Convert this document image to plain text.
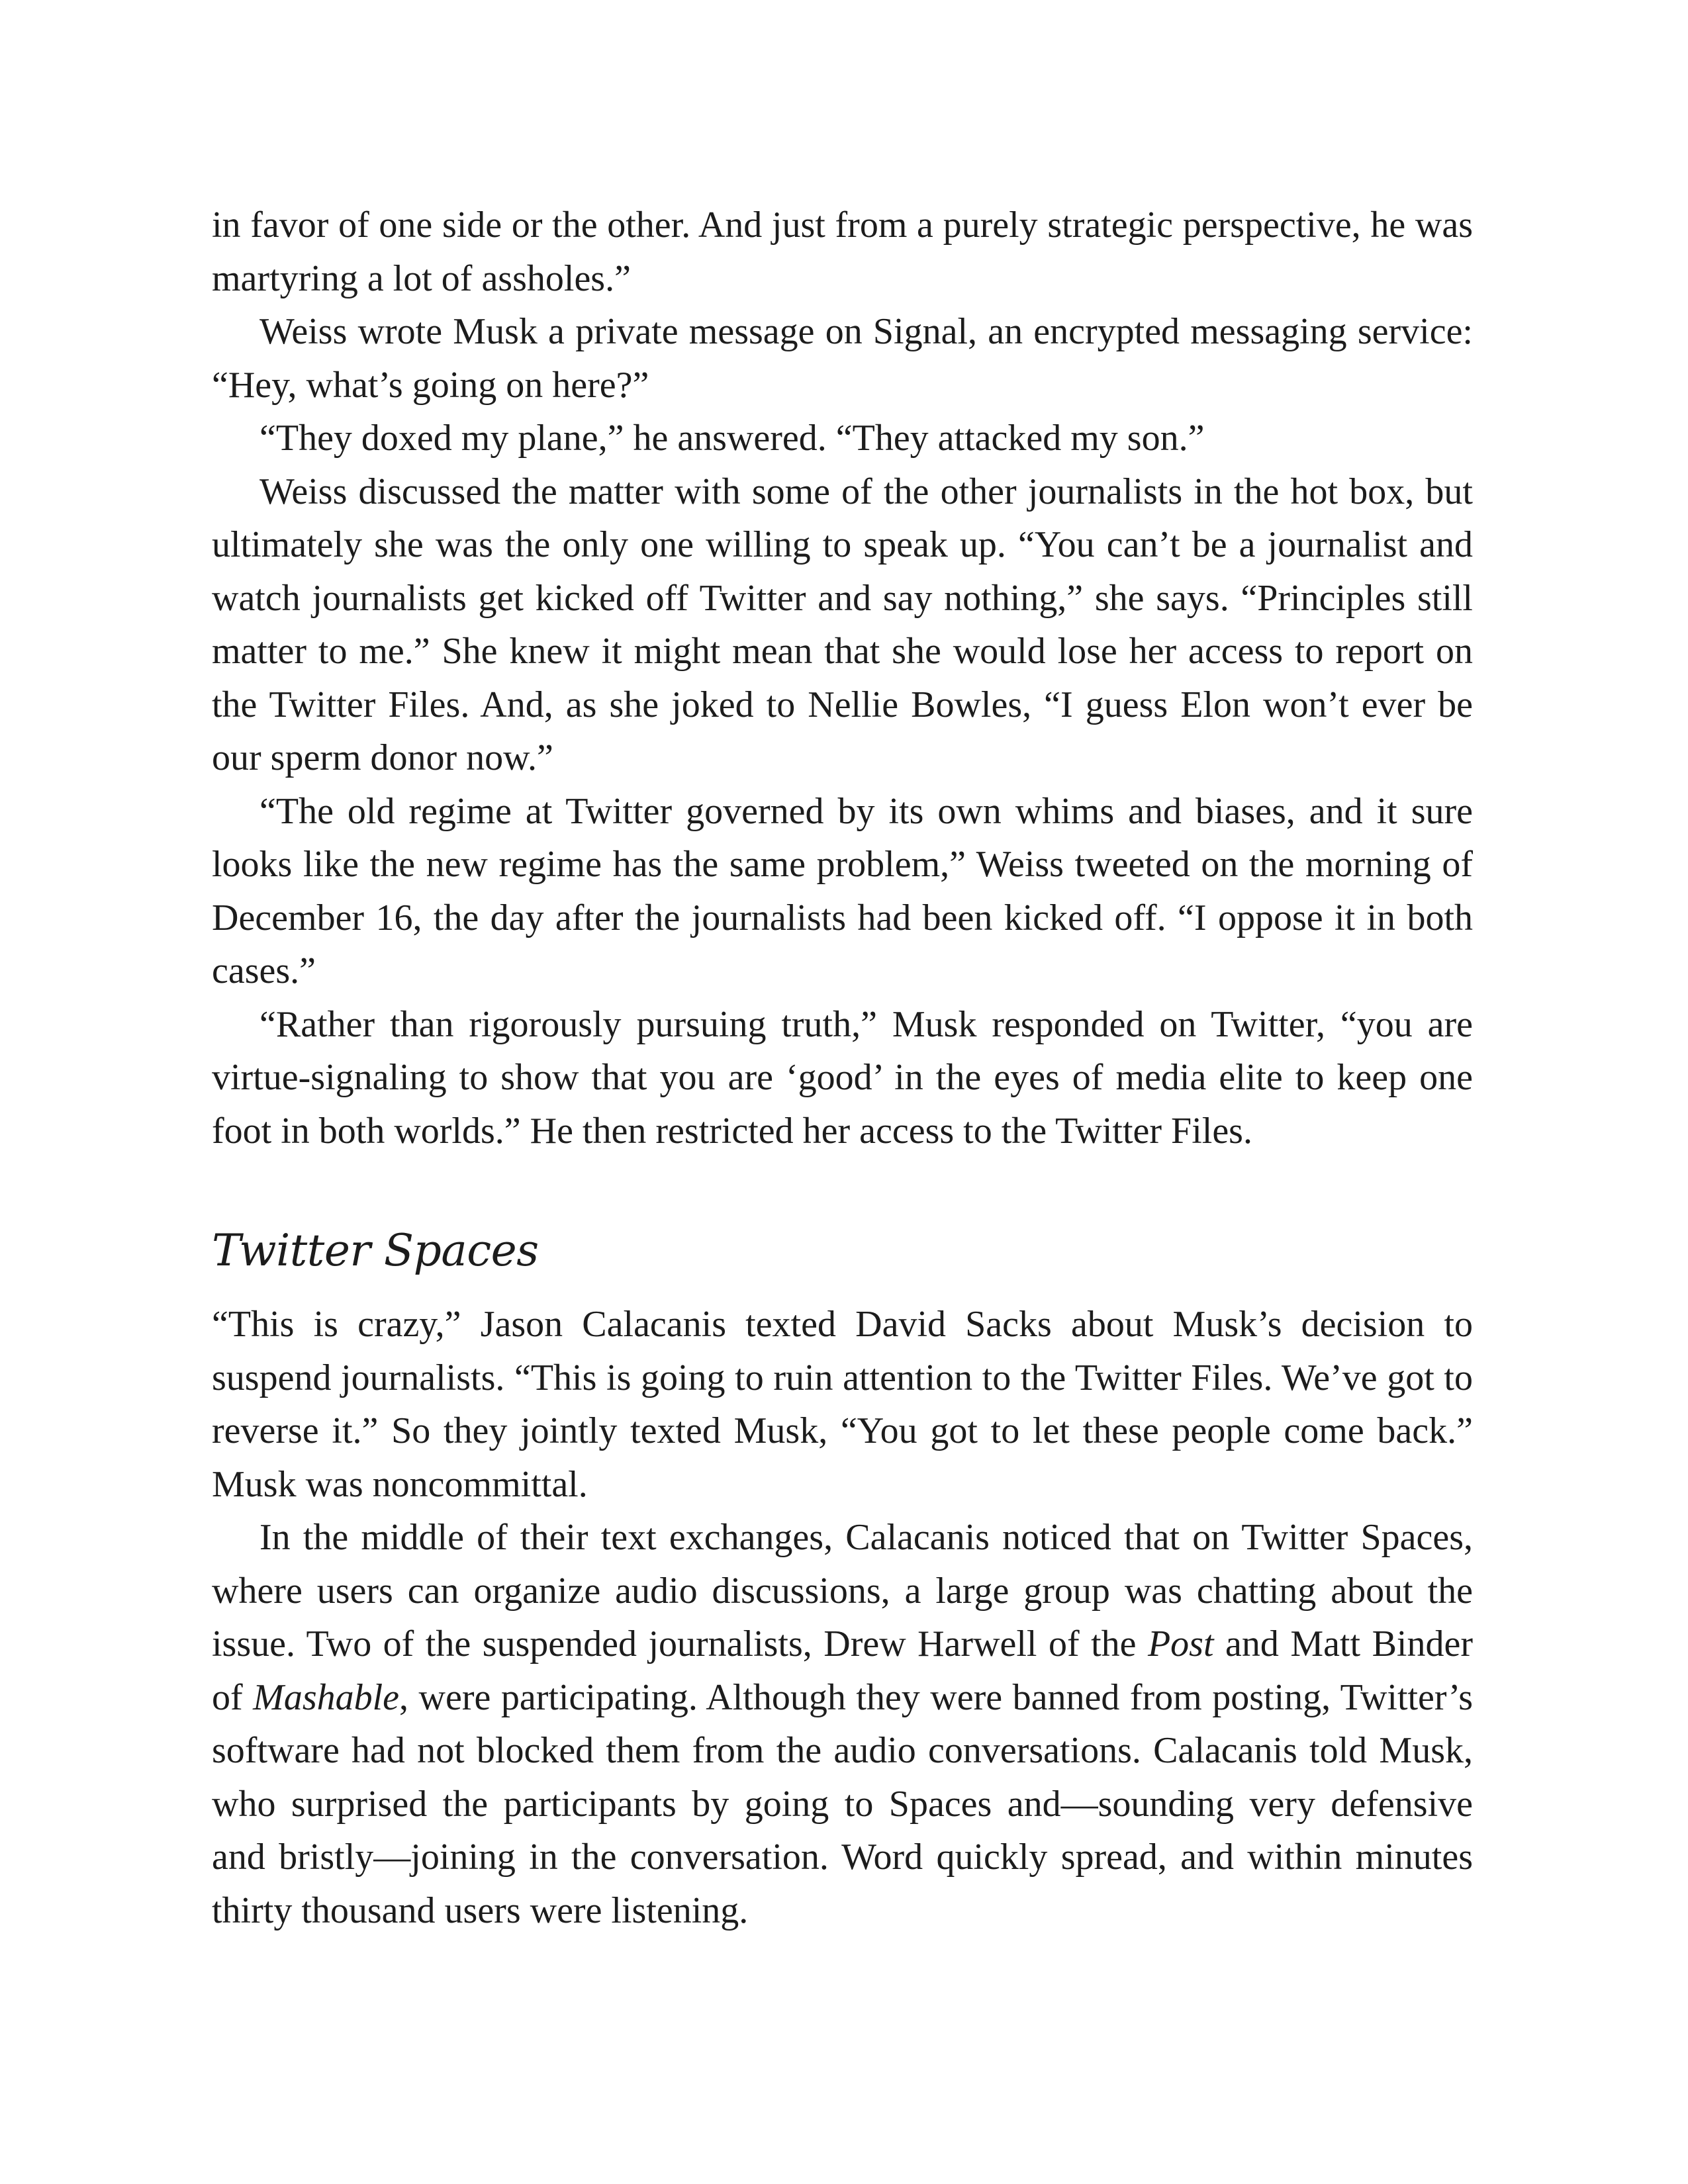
in favor of one side or the other. And just from a purely strategic perspective, he was martyring a lot of assholes.”

Weiss wrote Musk a private message on Signal, an encrypted messaging service: “Hey, what’s going on here?”

“They doxed my plane,” he answered. “They attacked my son.”

Weiss discussed the matter with some of the other journalists in the hot box, but ultimately she was the only one willing to speak up. “You can’t be a journalist and watch journalists get kicked off Twitter and say nothing,” she says. “Principles still matter to me.” She knew it might mean that she would lose her access to report on the Twitter Files. And, as she joked to Nellie Bowles, “I guess Elon won’t ever be our sperm donor now.”

“The old regime at Twitter governed by its own whims and biases, and it sure looks like the new regime has the same problem,” Weiss tweeted on the morning of December 16, the day after the journalists had been kicked off. “I oppose it in both cases.”

“Rather than rigorously pursuing truth,” Musk responded on Twitter, “you are virtue-signaling to show that you are ‘good’ in the eyes of media elite to keep one foot in both worlds.” He then restricted her access to the Twitter Files.

Twitter Spaces

“This is crazy,” Jason Calacanis texted David Sacks about Musk’s decision to suspend journalists. “This is going to ruin attention to the Twitter Files. We’ve got to reverse it.” So they jointly texted Musk, “You got to let these people come back.” Musk was noncommittal.

In the middle of their text exchanges, Calacanis noticed that on Twitter Spaces, where users can organize audio discussions, a large group was chatting about the issue. Two of the suspended journalists, Drew Harwell of the Post and Matt Binder of Mashable, were participating. Although they were banned from posting, Twitter’s software had not blocked them from the audio conversations. Calacanis told Musk, who surprised the participants by going to Spaces and—sounding very defensive and bristly—joining in the conversation. Word quickly spread, and within minutes thirty thousand users were listening.
